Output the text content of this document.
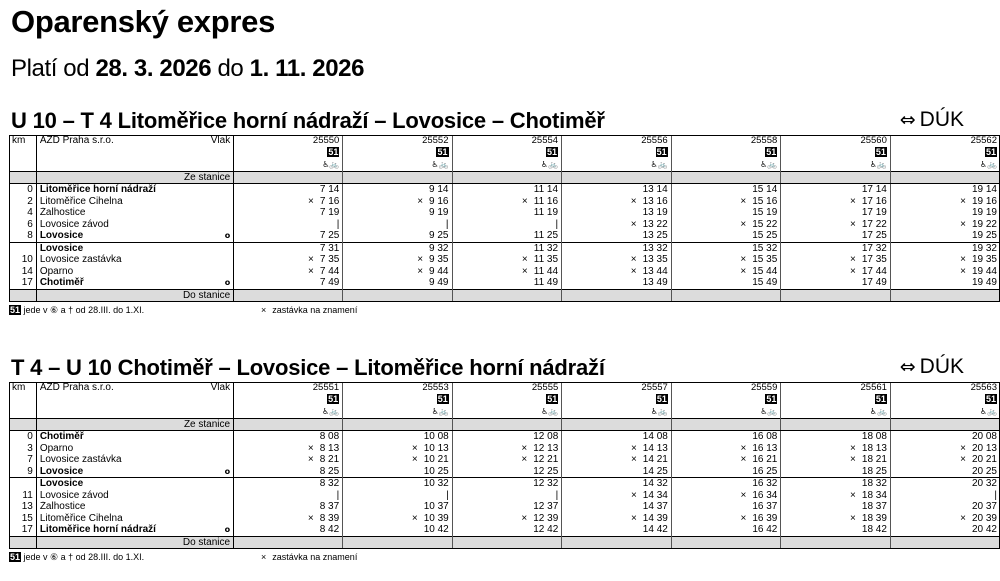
Oparenský expres
Platí od 28. 3. 2026 do 1. 11. 2026
U 10 – T 4 Litoměřice horní nádraží – Lovosice – Chotiměř	⇔ DÚK
km	AŽD Praha s.r.o. Vlak	25550	25552	25554	25556	25558	25560	25562
		51	51	51	51	51	51	51
		♿🚲	♿🚲	♿🚲	♿🚲	♿🚲	♿🚲	♿🚲
	Ze stanice							
0	Litoměřice horní nádraží	7 14	9 14	11 14	13 14	15 14	17 14	19 14
2	Litoměřice Cihelna	× 7 16	× 9 16	× 11 16	× 13 16	× 15 16	× 17 16	× 19 16
4	Žalhostice	7 19	9 19	11 19	13 19	15 19	17 19	19 19
6	Lovosice závod	|	|	|	× 13 22	× 15 22	× 17 22	× 19 22
8	Lovosice o	7 25	9 25	11 25	13 25	15 25	17 25	19 25
	Lovosice	7 31	9 32	11 32	13 32	15 32	17 32	19 32
10	Lovosice zastávka	× 7 35	× 9 35	× 11 35	× 13 35	× 15 35	× 17 35	× 19 35
14	Oparno	× 7 44	× 9 44	× 11 44	× 13 44	× 15 44	× 17 44	× 19 44
17	Chotiměř o	7 49	9 49	11 49	13 49	15 49	17 49	19 49
	Do stanice							
51 jede v ⑥ a † od 28.III. do 1.XI.	× zastávka na znamení
T 4 – U 10 Chotiměř – Lovosice – Litoměřice horní nádraží	⇔ DÚK
km	AŽD Praha s.r.o. Vlak	25551	25553	25555	25557	25559	25561	25563
		51	51	51	51	51	51	51
		♿🚲	♿🚲	♿🚲	♿🚲	♿🚲	♿🚲	♿🚲
	Ze stanice							
0	Chotiměř	8 08	10 08	12 08	14 08	16 08	18 08	20 08
3	Oparno	× 8 13	× 10 13	× 12 13	× 14 13	× 16 13	× 18 13	× 20 13
7	Lovosice zastávka	× 8 21	× 10 21	× 12 21	× 14 21	× 16 21	× 18 21	× 20 21
9	Lovosice o	8 25	10 25	12 25	14 25	16 25	18 25	20 25
	Lovosice	8 32	10 32	12 32	14 32	16 32	18 32	20 32
11	Lovosice závod	|	|	|	× 14 34	× 16 34	× 18 34	|
13	Žalhostice	8 37	10 37	12 37	14 37	16 37	18 37	20 37
15	Litoměřice Cihelna	× 8 39	× 10 39	× 12 39	× 14 39	× 16 39	× 18 39	× 20 39
17	Litoměřice horní nádraží o	8 42	10 42	12 42	14 42	16 42	18 42	20 42
	Do stanice							
51 jede v ⑥ a † od 28.III. do 1.XI.	× zastávka na znamení
